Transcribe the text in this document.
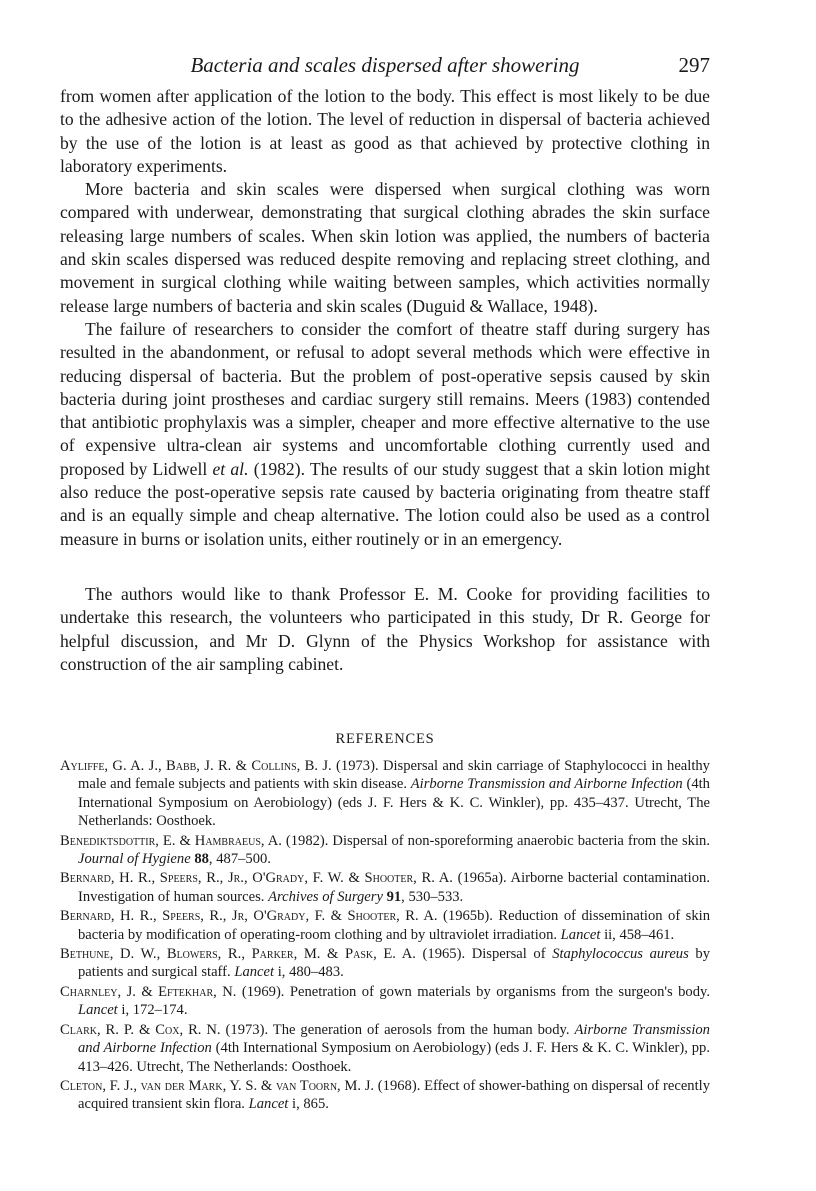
Bacteria and scales dispersed after showering	297

from women after application of the lotion to the body. This effect is most likely to be due to the adhesive action of the lotion. The level of reduction in dispersal of bacteria achieved by the use of the lotion is at least as good as that achieved by protective clothing in laboratory experiments.

More bacteria and skin scales were dispersed when surgical clothing was worn compared with underwear, demonstrating that surgical clothing abrades the skin surface releasing large numbers of scales. When skin lotion was applied, the numbers of bacteria and skin scales dispersed was reduced despite removing and replacing street clothing, and movement in surgical clothing while waiting between samples, which activities normally release large numbers of bacteria and skin scales (Duguid & Wallace, 1948).

The failure of researchers to consider the comfort of theatre staff during surgery has resulted in the abandonment, or refusal to adopt several methods which were effective in reducing dispersal of bacteria. But the problem of post-operative sepsis caused by skin bacteria during joint prostheses and cardiac surgery still remains. Meers (1983) contended that antibiotic prophylaxis was a simpler, cheaper and more effective alternative to the use of expensive ultra-clean air systems and uncomfortable clothing currently used and proposed by Lidwell et al. (1982). The results of our study suggest that a skin lotion might also reduce the post-operative sepsis rate caused by bacteria originating from theatre staff and is an equally simple and cheap alternative. The lotion could also be used as a control measure in burns or isolation units, either routinely or in an emergency.

The authors would like to thank Professor E. M. Cooke for providing facilities to undertake this research, the volunteers who participated in this study, Dr R. George for helpful discussion, and Mr D. Glynn of the Physics Workshop for assistance with construction of the air sampling cabinet.

REFERENCES
Ayliffe, G. A. J., Babb, J. R. & Collins, B. J. (1973). Dispersal and skin carriage of Staphylococci in healthy male and female subjects and patients with skin disease. Airborne Transmission and Airborne Infection (4th International Symposium on Aerobiology) (eds J. F. Hers & K. C. Winkler), pp. 435–437. Utrecht, The Netherlands: Oosthoek.
Benediktsdottir, E. & Hambraeus, A. (1982). Dispersal of non-sporeforming anaerobic bacteria from the skin. Journal of Hygiene 88, 487–500.
Bernard, H. R., Speers, R., Jr., O'Grady, F. W. & Shooter, R. A. (1965a). Airborne bacterial contamination. Investigation of human sources. Archives of Surgery 91, 530–533.
Bernard, H. R., Speers, R., Jr, O'Grady, F. & Shooter, R. A. (1965b). Reduction of dissemination of skin bacteria by modification of operating-room clothing and by ultraviolet irradiation. Lancet ii, 458–461.
Bethune, D. W., Blowers, R., Parker, M. & Pask, E. A. (1965). Dispersal of Staphylococcus aureus by patients and surgical staff. Lancet i, 480–483.
Charnley, J. & Eftekhar, N. (1969). Penetration of gown materials by organisms from the surgeon's body. Lancet i, 172–174.
Clark, R. P. & Cox, R. N. (1973). The generation of aerosols from the human body. Airborne Transmission and Airborne Infection (4th International Symposium on Aerobiology) (eds J. F. Hers & K. C. Winkler), pp. 413–426. Utrecht, The Netherlands: Oosthoek.
Cleton, F. J., van der Mark, Y. S. & van Toorn, M. J. (1968). Effect of shower-bathing on dispersal of recently acquired transient skin flora. Lancet i, 865.
